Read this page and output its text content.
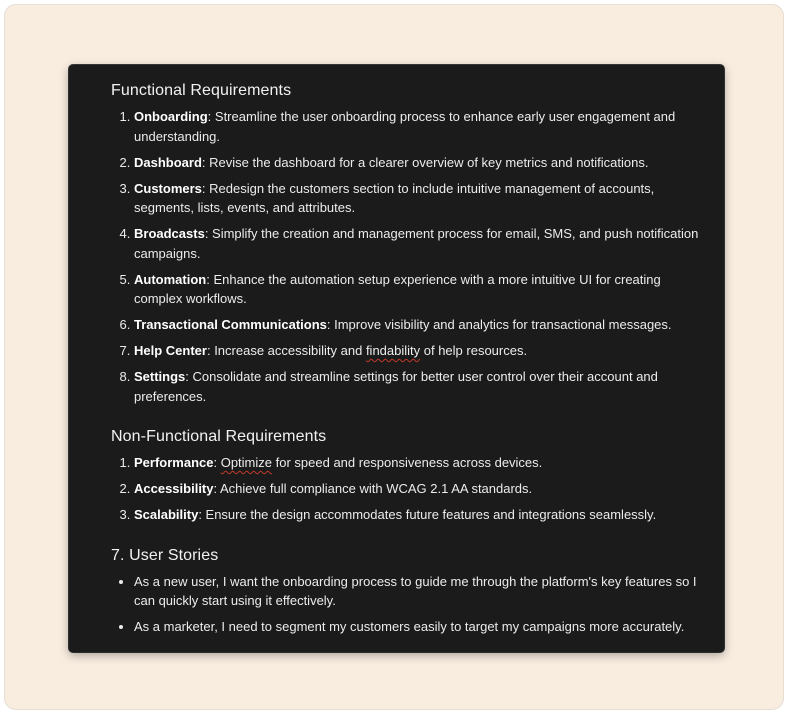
Functional Requirements
1. Onboarding: Streamline the user onboarding process to enhance early user engagement and understanding.
2. Dashboard: Revise the dashboard for a clearer overview of key metrics and notifications.
3. Customers: Redesign the customers section to include intuitive management of accounts, segments, lists, events, and attributes.
4. Broadcasts: Simplify the creation and management process for email, SMS, and push notification campaigns.
5. Automation: Enhance the automation setup experience with a more intuitive UI for creating complex workflows.
6. Transactional Communications: Improve visibility and analytics for transactional messages.
7. Help Center: Increase accessibility and findability of help resources.
8. Settings: Consolidate and streamline settings for better user control over their account and preferences.
Non-Functional Requirements
1. Performance: Optimize for speed and responsiveness across devices.
2. Accessibility: Achieve full compliance with WCAG 2.1 AA standards.
3. Scalability: Ensure the design accommodates future features and integrations seamlessly.
7. User Stories
• As a new user, I want the onboarding process to guide me through the platform's key features so I can quickly start using it effectively.
• As a marketer, I need to segment my customers easily to target my campaigns more accurately.
